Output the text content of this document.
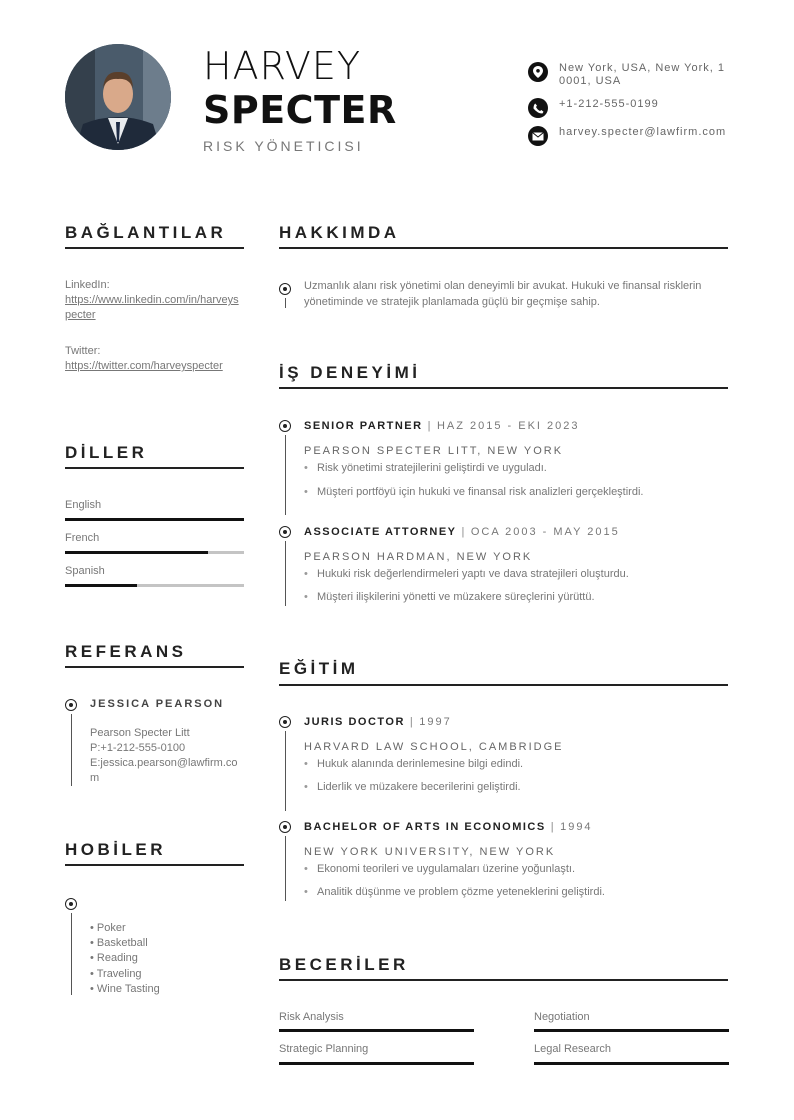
HARVEY
SPECTER
RISK YÖNETICISI
New York, USA, New York, 10001, USA
+1-212-555-0199
harvey.specter@lawfirm.com
BAĞLANTILAR
LinkedIn:
https://www.linkedin.com/in/harveyspecter
Twitter:
https://twitter.com/harveyspecter
DİLLER
English
French
Spanish
REFERANS
JESSICA PEARSON
Pearson Specter Litt
P:+1-212-555-0100
E:jessica.pearson@lawfirm.com
HOBİLER
• Poker
• Basketball
• Reading
• Traveling
• Wine Tasting
HAKKIMDA
Uzmanlık alanı risk yönetimi olan deneyimli bir avukat. Hukuki ve finansal risklerin yönetiminde ve stratejik planlamada güçlü bir geçmişe sahip.
İŞ DENEYİMİ
SENIOR PARTNER | HAZ 2015 - EKI 2023
PEARSON SPECTER LITT, NEW YORK
• Risk yönetimi stratejilerini geliştirdi ve uyguladı.
• Müşteri portföyü için hukuki ve finansal risk analizleri gerçekleştirdi.
ASSOCIATE ATTORNEY | OCA 2003 - MAY 2015
PEARSON HARDMAN, NEW YORK
• Hukuki risk değerlendirmeleri yaptı ve dava stratejileri oluşturdu.
• Müşteri ilişkilerini yönetti ve müzakere süreçlerini yürüttü.
EĞİTİM
JURIS DOCTOR | 1997
HARVARD LAW SCHOOL, CAMBRIDGE
• Hukuk alanında derinlemesine bilgi edindi.
• Liderlik ve müzakere becerilerini geliştirdi.
BACHELOR OF ARTS IN ECONOMICS | 1994
NEW YORK UNIVERSITY, NEW YORK
• Ekonomi teorileri ve uygulamaları üzerine yoğunlaştı.
• Analitik düşünme ve problem çözme yeteneklerini geliştirdi.
BECERİLER
Risk Analysis	Negotiation
Strategic Planning	Legal Research
